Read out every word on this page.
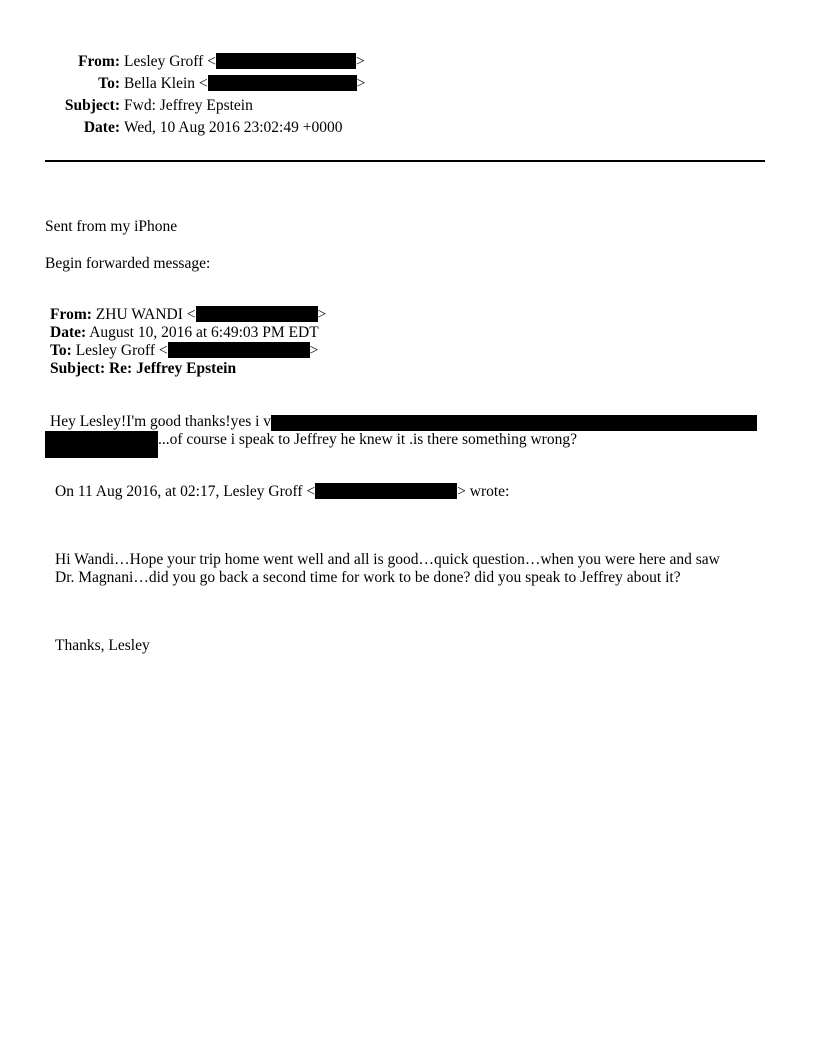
From: Lesley Groff <	>
To: Bella Klein <	>
Subject: Fwd: Jeffrey Epstein
Date: Wed, 10 Aug 2016 23:02:49 +0000
Sent from my iPhone
Begin forwarded message:
From: ZHU WANDI <	>
Date: August 10, 2016 at 6:49:03 PM EDT
To: Lesley Groff <	>
Subject: Re: Jeffrey Epstein
Hey Lesley!I'm good thanks!yes i v
...of course i speak to Jeffrey he knew it .is there something wrong?
On 11 Aug 2016, at 02:17, Lesley Groff <	> wrote:
Hi Wandi…Hope your trip home went well and all is good…quick question…when you were here and saw
Dr. Magnani…did you go back a second time for work to be done? did you speak to Jeffrey about it?
Thanks, Lesley
